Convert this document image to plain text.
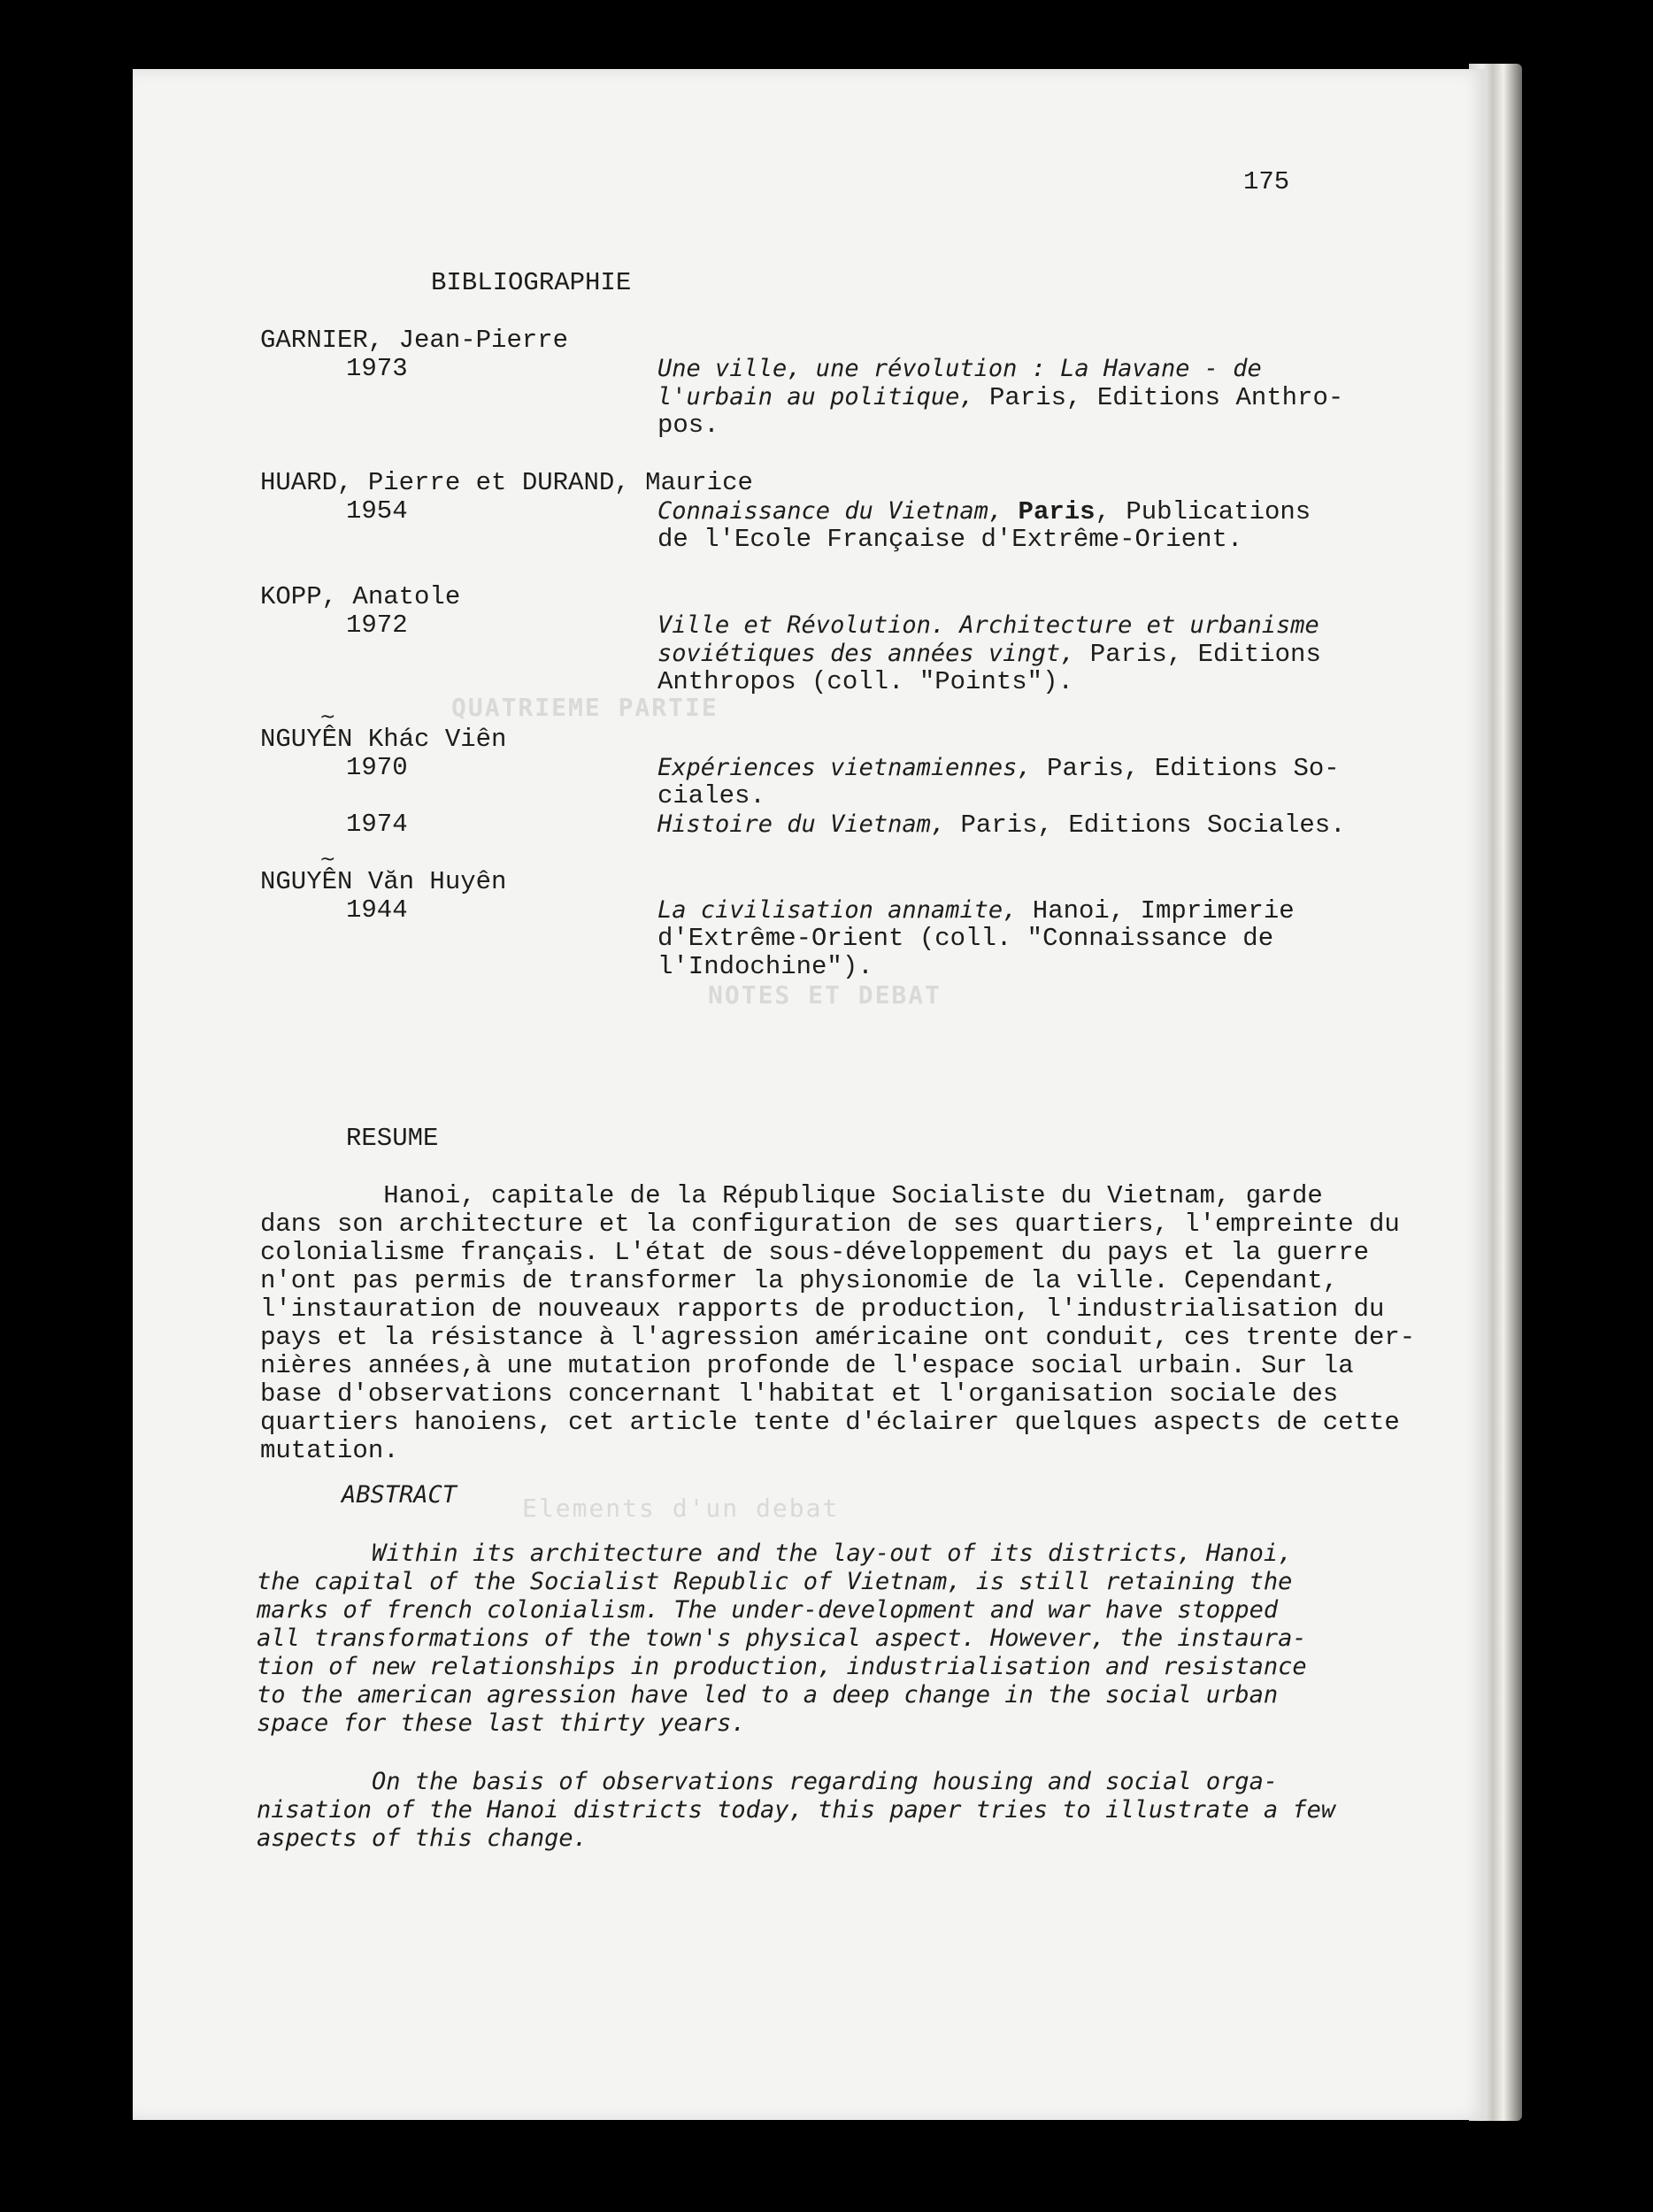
QUATRIEME PARTIE
NOTES ET DEBAT
Elements d'un debat
175
BIBLIOGRAPHIE
GARNIER, Jean-Pierre
1973	Une ville, une révolution : La Havane - de
l'urbain au politique, Paris, Editions Anthro-
pos.
HUARD, Pierre et DURAND, Maurice
1954	Connaissance du Vietnam, Paris, Publications
de l'Ecole Française d'Extrême-Orient.
KOPP, Anatole
1972	Ville et Révolution. Architecture et urbanisme
soviétiques des années vingt, Paris, Editions
Anthropos (coll. "Points").
~
NGUYÊN Khác Viên
1970	Expériences vietnamiennes, Paris, Editions So-
ciales.
1974	Histoire du Vietnam, Paris, Editions Sociales.
~
NGUYÊN Văn Huyên
1944	La civilisation annamite, Hanoi, Imprimerie
d'Extrême-Orient (coll. "Connaissance de
l'Indochine").
RESUME
Hanoi, capitale de la République Socialiste du Vietnam, garde
dans son architecture et la configuration de ses quartiers, l'empreinte du
colonialisme français. L'état de sous-développement du pays et la guerre
n'ont pas permis de transformer la physionomie de la ville. Cependant,
l'instauration de nouveaux rapports de production, l'industrialisation du
pays et la résistance à l'agression américaine ont conduit, ces trente der-
nières années,à une mutation profonde de l'espace social urbain. Sur la
base d'observations concernant l'habitat et l'organisation sociale des
quartiers hanoiens, cet article tente d'éclairer quelques aspects de cette
mutation.
ABSTRACT
Within its architecture and the lay-out of its districts, Hanoi,
the capital of the Socialist Republic of Vietnam, is still retaining the
marks of french colonialism. The under-development and war have stopped
all transformations of the town's physical aspect. However, the instaura-
tion of new relationships in production, industrialisation and resistance
to the american agression have led to a deep change in the social urban
space for these last thirty years.
On the basis of observations regarding housing and social orga-
nisation of the Hanoi districts today, this paper tries to illustrate a few
aspects of this change.
